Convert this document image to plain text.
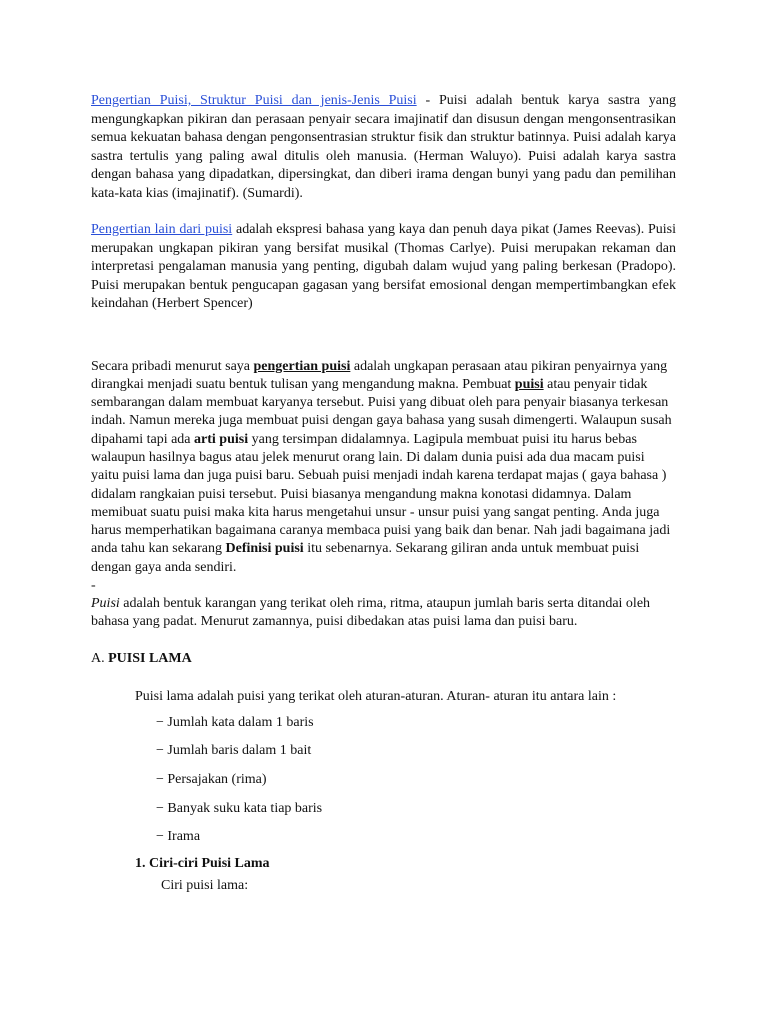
Pengertian Puisi, Struktur Puisi dan jenis-Jenis Puisi - Puisi adalah bentuk karya sastra yang mengungkapkan pikiran dan perasaan penyair secara imajinatif dan disusun dengan mengonsentrasikan semua kekuatan bahasa dengan pengonsentrasian struktur fisik dan struktur batinnya. Puisi adalah karya sastra tertulis yang paling awal ditulis oleh manusia. (Herman Waluyo). Puisi adalah karya sastra dengan bahasa yang dipadatkan, dipersingkat, dan diberi irama dengan bunyi yang padu dan pemilihan kata-kata kias (imajinatif). (Sumardi).

Pengertian lain dari puisi adalah ekspresi bahasa yang kaya dan penuh daya pikat (James Reevas). Puisi merupakan ungkapan pikiran yang bersifat musikal (Thomas Carlye). Puisi merupakan rekaman dan interpretasi pengalaman manusia yang penting, digubah dalam wujud yang paling berkesan (Pradopo). Puisi merupakan bentuk pengucapan gagasan yang bersifat emosional dengan mempertimbangkan efek keindahan (Herbert Spencer)

Secara pribadi menurut saya pengertian puisi adalah ungkapan perasaan atau pikiran penyairnya yang dirangkai menjadi suatu bentuk tulisan yang mengandung makna. Pembuat puisi atau penyair tidak sembarangan dalam membuat karyanya tersebut. Puisi yang dibuat oleh para penyair biasanya terkesan indah. Namun mereka juga membuat puisi dengan gaya bahasa yang susah dimengerti. Walaupun susah dipahami tapi ada arti puisi yang tersimpan didalamnya. Lagipula membuat puisi itu harus bebas walaupun hasilnya bagus atau jelek menurut orang lain. Di dalam dunia puisi ada dua macam puisi yaitu puisi lama dan juga puisi baru. Sebuah puisi menjadi indah karena terdapat majas ( gaya bahasa ) didalam rangkaian puisi tersebut. Puisi biasanya mengandung makna konotasi didamnya. Dalam memibuat suatu puisi maka kita harus mengetahui unsur - unsur puisi yang sangat penting. Anda juga harus memperhatikan bagaimana caranya membaca puisi yang baik dan benar. Nah jadi bagaimana jadi anda tahu kan sekarang Definisi puisi itu sebenarnya. Sekarang giliran anda untuk membuat puisi dengan gaya anda sendiri.

-

Puisi adalah bentuk karangan yang terikat oleh rima, ritma, ataupun jumlah baris serta ditandai oleh bahasa yang padat. Menurut zamannya, puisi dibedakan atas puisi lama dan puisi baru.

A. PUISI LAMA

Puisi lama adalah puisi yang terikat oleh aturan-aturan. Aturan- aturan itu antara lain :

− Jumlah kata dalam 1 baris
− Jumlah baris dalam 1 bait
− Persajakan (rima)
− Banyak suku kata tiap baris
− Irama

1. Ciri-ciri Puisi Lama

Ciri puisi lama:
